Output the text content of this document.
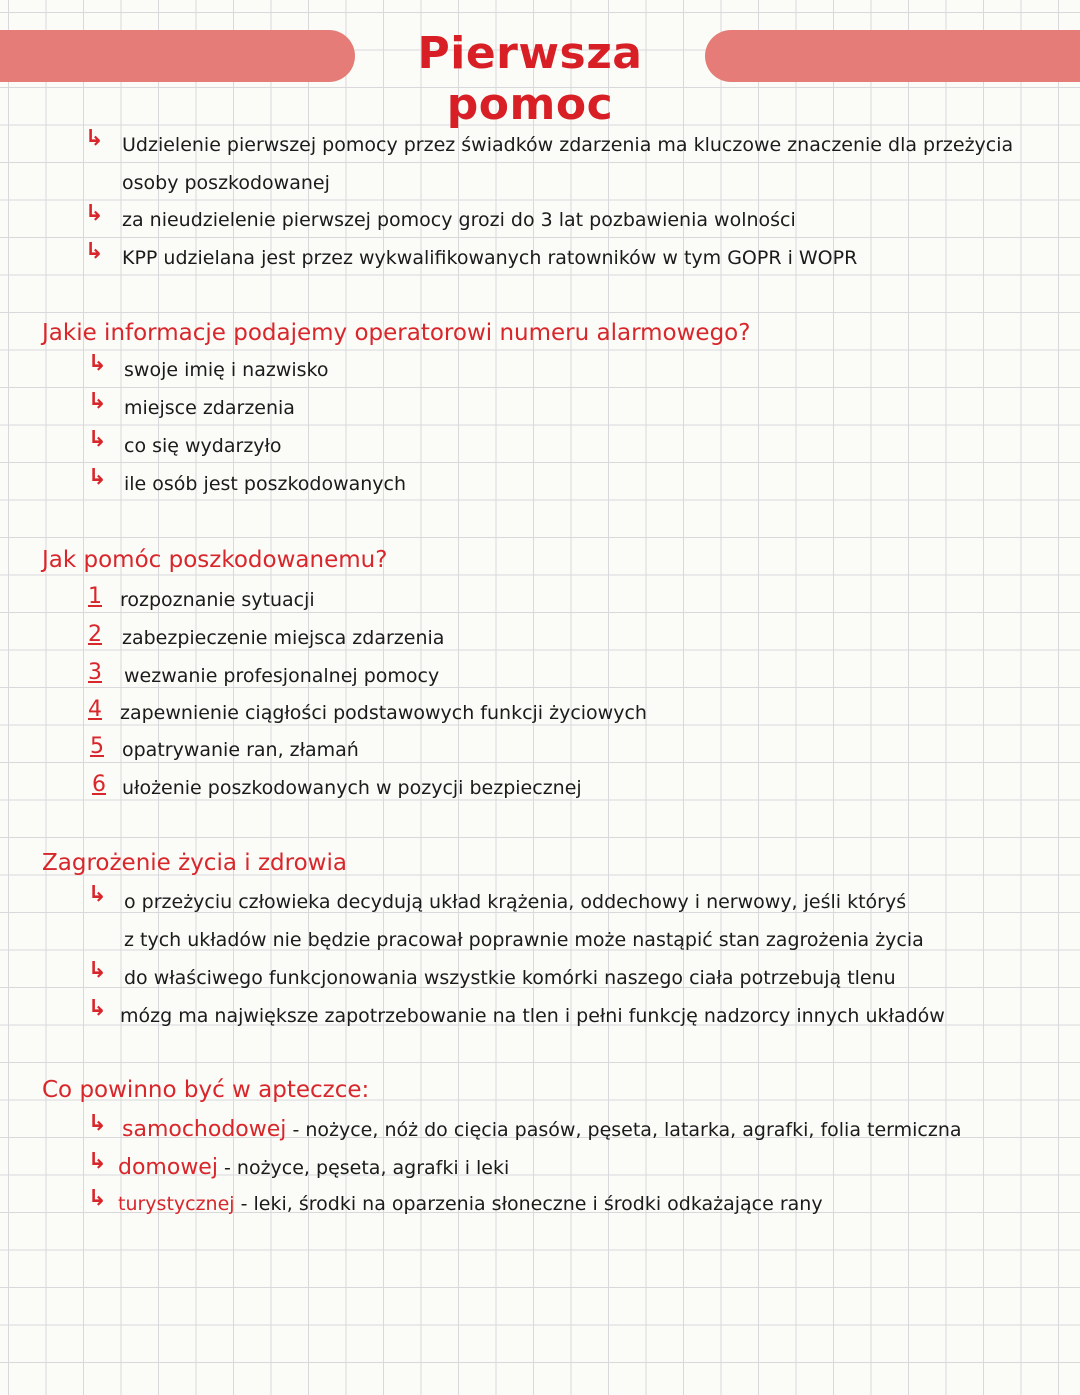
Pierwsza pomoc
↳ Udzielenie pierwszej pomocy przez świadków zdarzenia ma kluczowe znaczenie dla przeżycia
osoby poszkodowanej
↳ za nieudzielenie pierwszej pomocy grozi do 3 lat pozbawienia wolności
↳ KPP udzielana jest przez wykwalifikowanych ratowników w tym GOPR i WOPR
Jakie informacje podajemy operatorowi numeru alarmowego?
↳ swoje imię i nazwisko
↳ miejsce zdarzenia
↳ co się wydarzyło
↳ ile osób jest poszkodowanych
Jak pomóc poszkodowanemu?
1 rozpoznanie sytuacji
2 zabezpieczenie miejsca zdarzenia
3 wezwanie profesjonalnej pomocy
4 zapewnienie ciągłości podstawowych funkcji życiowych
5 opatrywanie ran, złamań
6 ułożenie poszkodowanych w pozycji bezpiecznej
Zagrożenie życia i zdrowia
↳ o przeżyciu człowieka decydują układ krążenia, oddechowy i nerwowy, jeśli któryś
z tych układów nie będzie pracował poprawnie może nastąpić stan zagrożenia życia
↳ do właściwego funkcjonowania wszystkie komórki naszego ciała potrzebują tlenu
↳ mózg ma największe zapotrzebowanie na tlen i pełni funkcję nadzorcy innych układów
Co powinno być w apteczce:
↳ samochodowej - nożyce, nóż do cięcia pasów, pęseta, latarka, agrafki, folia termiczna
↳ domowej - nożyce, pęseta, agrafki i leki
↳ turystycznej - leki, środki na oparzenia słoneczne i środki odkażające rany
